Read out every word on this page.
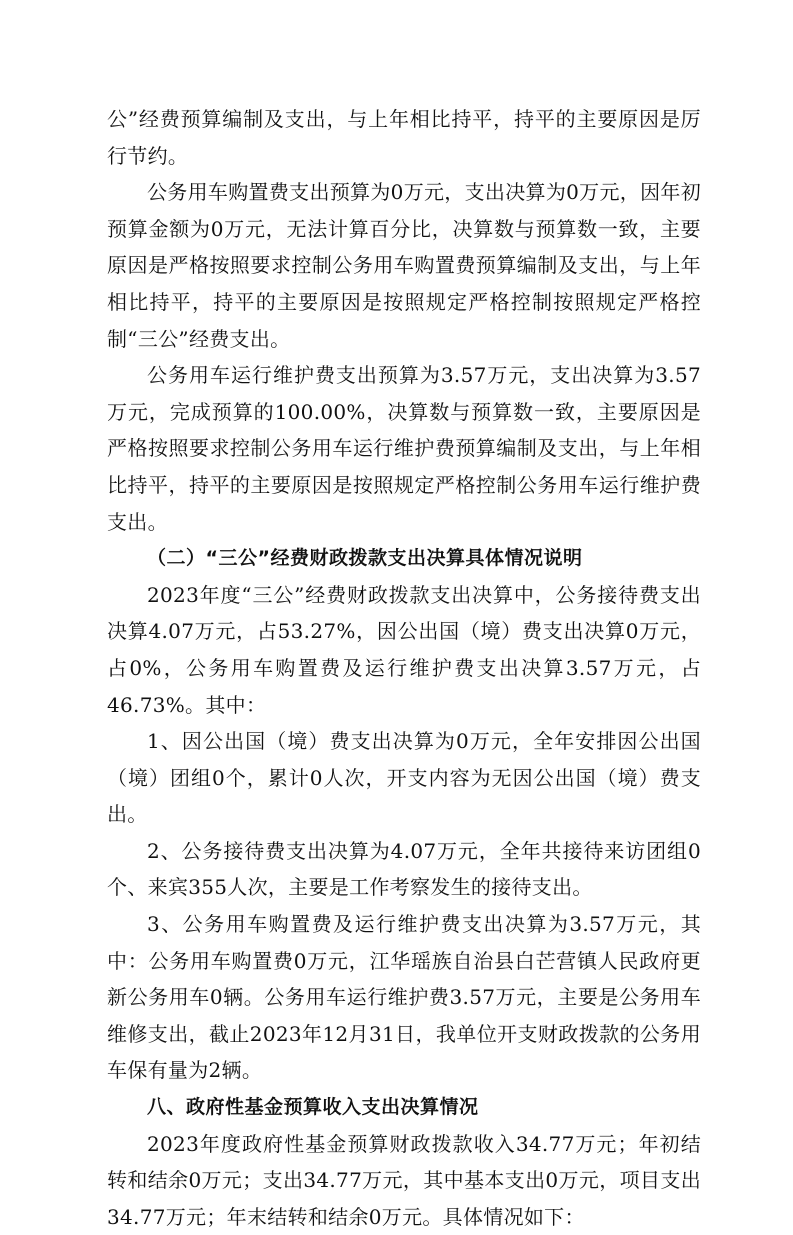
公”经费预算编制及支出，与上年相比持平，持平的主要原因是厉行节约。

公务用车购置费支出预算为0万元，支出决算为0万元，因年初预算金额为0万元，无法计算百分比，决算数与预算数一致，主要原因是严格按照要求控制公务用车购置费预算编制及支出，与上年相比持平，持平的主要原因是按照规定严格控制按照规定严格控制“三公”经费支出。

公务用车运行维护费支出预算为3.57万元，支出决算为3.57万元，完成预算的100.00%，决算数与预算数一致，主要原因是严格按照要求控制公务用车运行维护费预算编制及支出，与上年相比持平，持平的主要原因是按照规定严格控制公务用车运行维护费支出。

（二）“三公”经费财政拨款支出决算具体情况说明

2023年度“三公”经费财政拨款支出决算中，公务接待费支出决算4.07万元，占53.27%，因公出国（境）费支出决算0万元，占0%，公务用车购置费及运行维护费支出决算3.57万元，占46.73%。其中：

1、因公出国（境）费支出决算为0万元，全年安排因公出国（境）团组0个，累计0人次，开支内容为无因公出国（境）费支出。

2、公务接待费支出决算为4.07万元，全年共接待来访团组0个、来宾355人次，主要是工作考察发生的接待支出。

3、公务用车购置费及运行维护费支出决算为3.57万元，其中：公务用车购置费0万元，江华瑶族自治县白芒营镇人民政府更新公务用车0辆。公务用车运行维护费3.57万元，主要是公务用车维修支出，截止2023年12月31日，我单位开支财政拨款的公务用车保有量为2辆。

八、政府性基金预算收入支出决算情况

2023年度政府性基金预算财政拨款收入34.77万元；年初结转和结余0万元；支出34.77万元，其中基本支出0万元，项目支出34.77万元；年末结转和结余0万元。具体情况如下：
